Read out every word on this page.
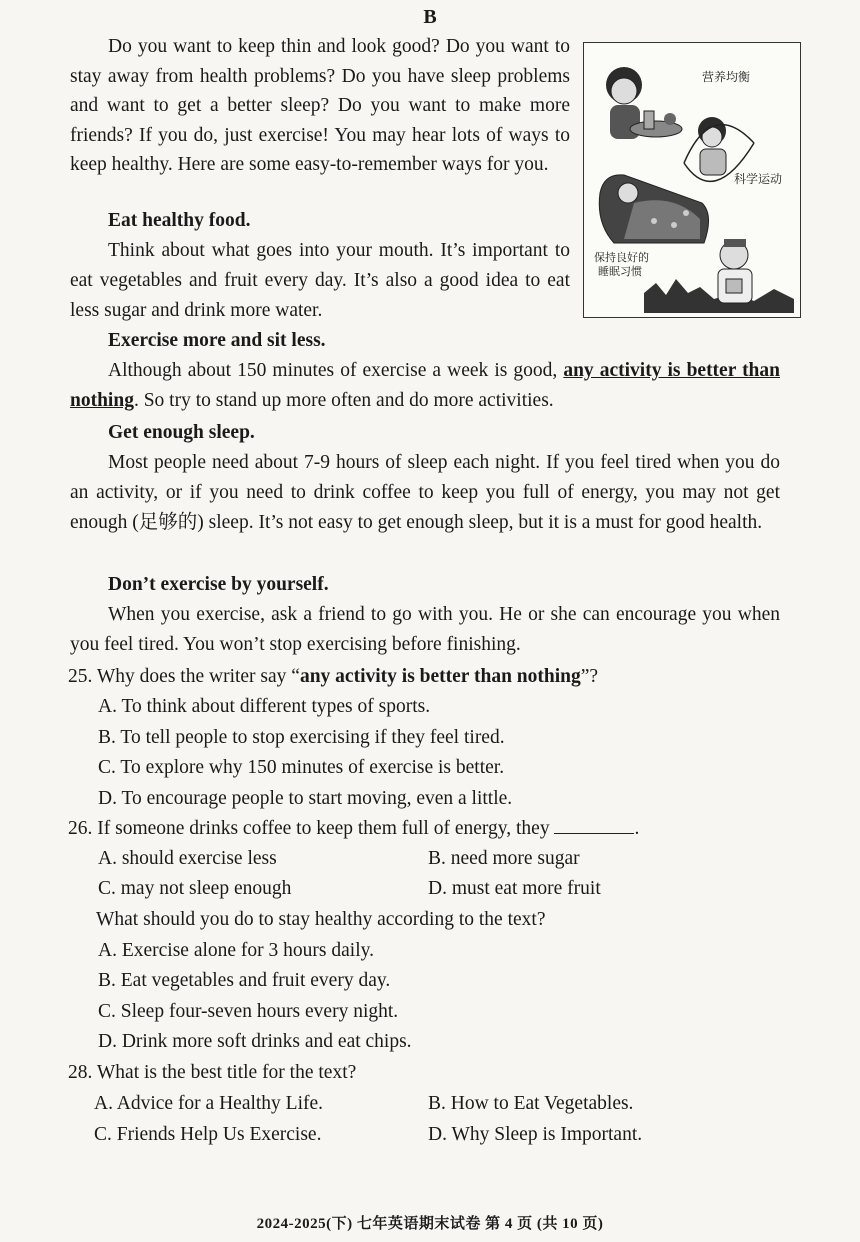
B
Do you want to keep thin and look good? Do you want to stay away from health problems? Do you have sleep problems and want to get a better sleep? Do you want to make more friends? If you do, just exercise! You may hear lots of ways to keep healthy. Here are some easy-to-remember ways for you.
营养均衡
科学运动
保持良好的
睡眠习惯
Eat healthy food.
Think about what goes into your mouth. It’s important to eat vegetables and fruit every day. It’s also a good idea to eat less sugar and drink more water.
Exercise more and sit less.
Although about 150 minutes of exercise a week is good, any activity is better than nothing. So try to stand up more often and do more activities.
Get enough sleep.
Most people need about 7-9 hours of sleep each night. If you feel tired when you do an activity, or if you need to drink coffee to keep you full of energy, you may not get enough (足够的) sleep. It’s not easy to get enough sleep, but it is a must for good health.
Don’t exercise by yourself.
When you exercise, ask a friend to go with you. He or she can encourage you when you feel tired. You won’t stop exercising before finishing.
25. Why does the writer say “any activity is better than nothing”?
A. To think about different types of sports.
B. To tell people to stop exercising if they feel tired.
C. To explore why 150 minutes of exercise is better.
D. To encourage people to start moving, even a little.
26. If someone drinks coffee to keep them full of energy, they	.
A. should exercise less	B. need more sugar
C. may not sleep enough	D. must eat more fruit
What should you do to stay healthy according to the text?
A. Exercise alone for 3 hours daily.
B. Eat vegetables and fruit every day.
C. Sleep four-seven hours every night.
D. Drink more soft drinks and eat chips.
28. What is the best title for the text?
A. Advice for a Healthy Life.	B. How to Eat Vegetables.
C. Friends Help Us Exercise.	D. Why Sleep is Important.
2024-2025(下) 七年英语期末试卷 第 4 页 (共 10 页)
